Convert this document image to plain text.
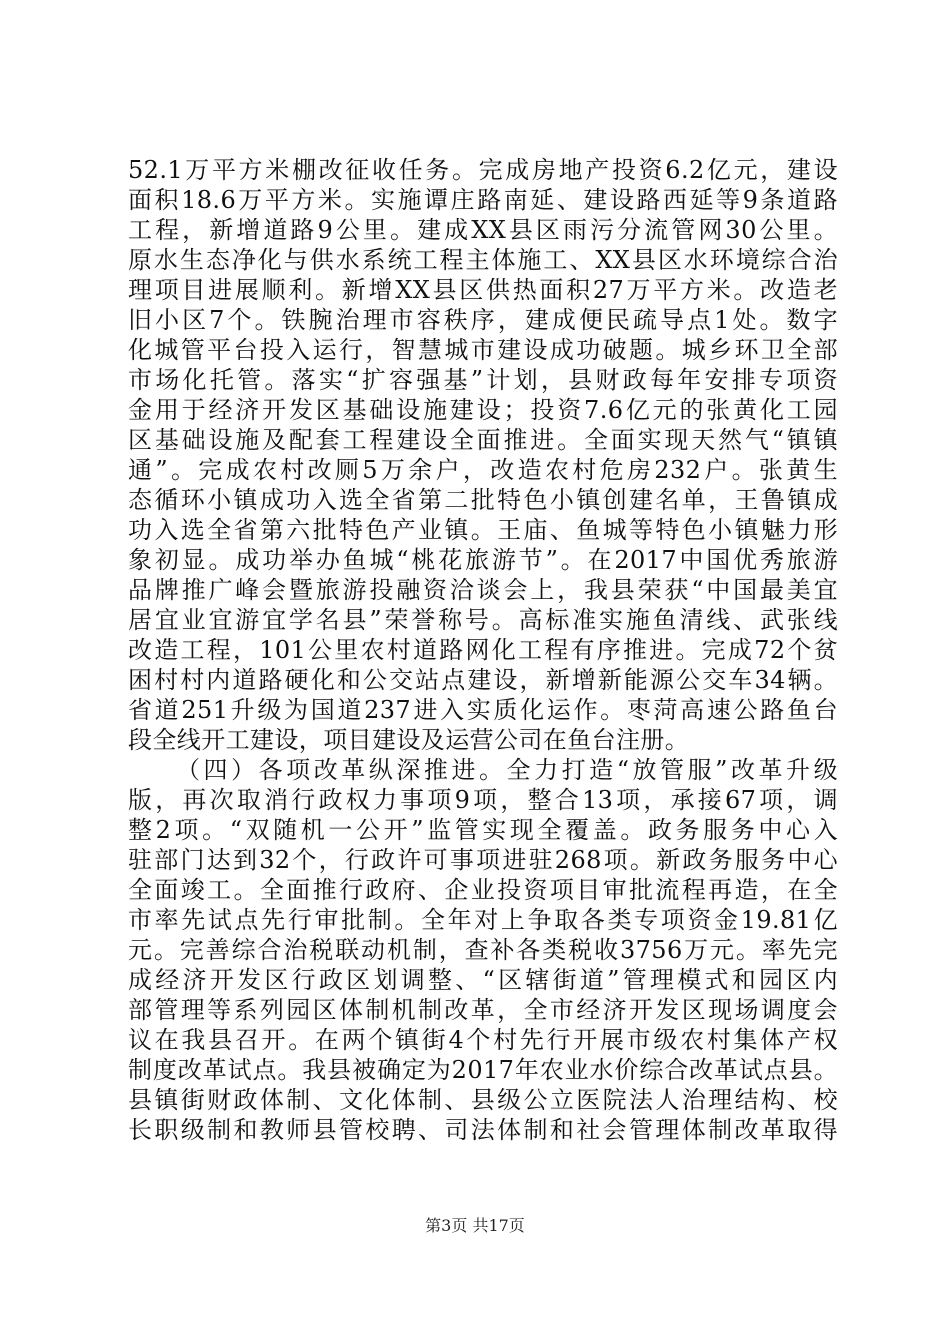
52.1万平方米棚改征收任务。完成房地产投资6.2亿元，建设
面积18.6万平方米。实施谭庄路南延、建设路西延等9条道路
工程，新增道路9公里。建成XX县区雨污分流管网30公里。
原水生态净化与供水系统工程主体施工、XX县区水环境综合治
理项目进展顺利。新增XX县区供热面积27万平方米。改造老
旧小区7个。铁腕治理市容秩序，建成便民疏导点1处。数字
化城管平台投入运行，智慧城市建设成功破题。城乡环卫全部
市场化托管。落实“扩容强基”计划，县财政每年安排专项资
金用于经济开发区基础设施建设；投资7.6亿元的张黄化工园
区基础设施及配套工程建设全面推进。全面实现天然气“镇镇
通”。完成农村改厕5万余户，改造农村危房232户。张黄生
态循环小镇成功入选全省第二批特色小镇创建名单，王鲁镇成
功入选全省第六批特色产业镇。王庙、鱼城等特色小镇魅力形
象初显。成功举办鱼城“桃花旅游节”。在2017中国优秀旅游
品牌推广峰会暨旅游投融资洽谈会上，我县荣获“中国最美宜
居宜业宜游宜学名县”荣誉称号。高标准实施鱼清线、武张线
改造工程，101公里农村道路网化工程有序推进。完成72个贫
困村村内道路硬化和公交站点建设，新增新能源公交车34辆。
省道251升级为国道237进入实质化运作。枣菏高速公路鱼台
段全线开工建设，项目建设及运营公司在鱼台注册。
（四）各项改革纵深推进。全力打造“放管服”改革升级
版，再次取消行政权力事项9项，整合13项，承接67项，调
整2项。“双随机一公开”监管实现全覆盖。政务服务中心入
驻部门达到32个，行政许可事项进驻268项。新政务服务中心
全面竣工。全面推行政府、企业投资项目审批流程再造，在全
市率先试点先行审批制。全年对上争取各类专项资金19.81亿
元。完善综合治税联动机制，查补各类税收3756万元。率先完
成经济开发区行政区划调整、“区辖街道”管理模式和园区内
部管理等系列园区体制机制改革，全市经济开发区现场调度会
议在我县召开。在两个镇街4个村先行开展市级农村集体产权
制度改革试点。我县被确定为2017年农业水价综合改革试点县。
县镇街财政体制、文化体制、县级公立医院法人治理结构、校
长职级制和教师县管校聘、司法体制和社会管理体制改革取得
第3页 共17页
